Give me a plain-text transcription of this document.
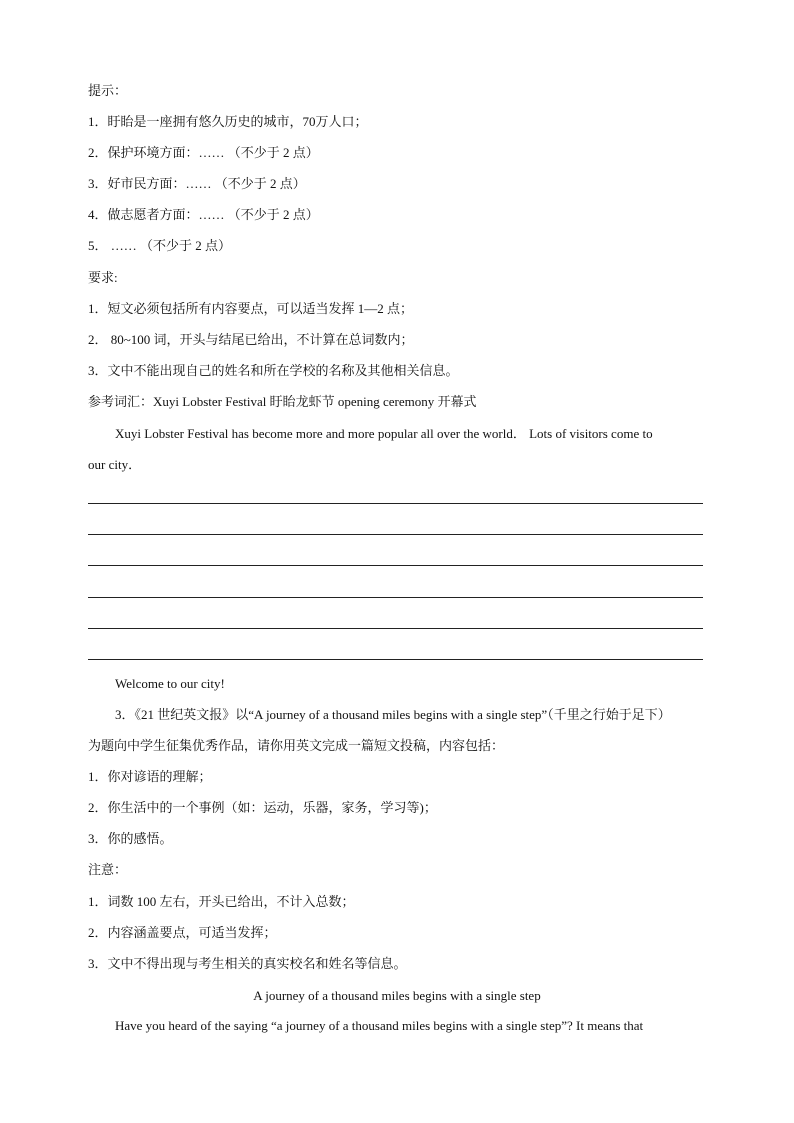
提示：
1．盱眙是一座拥有悠久历史的城市，70万人口；
2．保护环境方面：…… （不少于 2 点）
3．好市民方面：…… （不少于 2 点）
4．做志愿者方面：…… （不少于 2 点）
5． …… （不少于 2 点）
要求:
1．短文必须包括所有内容要点，可以适当发挥 1—2 点；
2． 80~100 词，开头与结尾已给出，不计算在总词数内；
3．文中不能出现自己的姓名和所在学校的名称及其他相关信息。
参考词汇：Xuyi Lobster Festival 盱眙龙虾节 opening ceremony 开幕式
Xuyi Lobster Festival has become more and more popular all over the world． Lots of visitors come to
our city．
Welcome to our city!
3．《21 世纪英文报》以“A journey of a thousand miles begins with a single step”（千里之行始于足下）
为题向中学生征集优秀作品，请你用英文完成一篇短文投稿，内容包括：
1．你对谚语的理解；
2．你生活中的一个事例（如：运动，乐器，家务，学习等)；
3．你的感悟。
注意：
1．词数 100 左右，开头已给出，不计入总数；
2．内容涵盖要点，可适当发挥；
3．文中不得出现与考生相关的真实校名和姓名等信息。
A journey of a thousand miles begins with a single step
Have you heard of the saying “a journey of a thousand miles begins with a single step”? It means that
